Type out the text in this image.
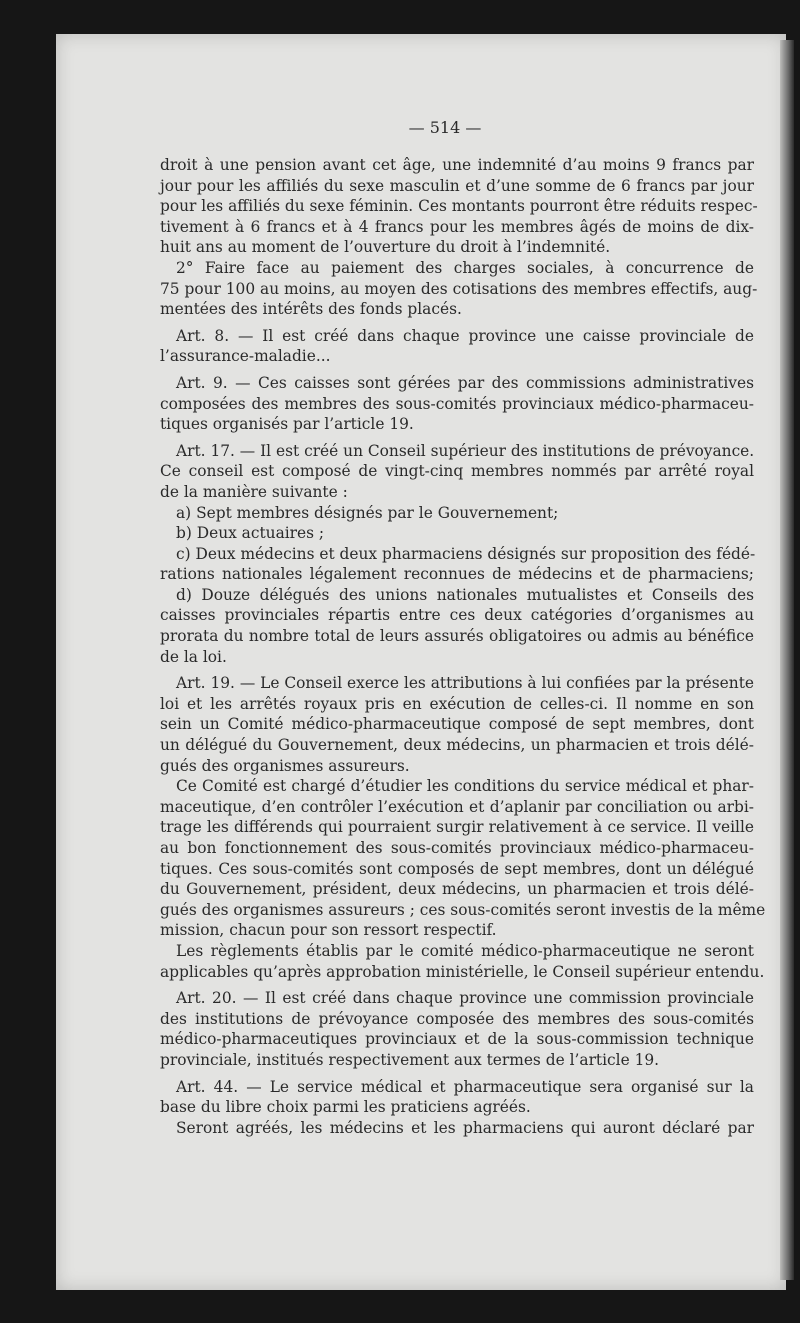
— 514 —
droit à une pension avant cet âge, une indemnité d’au moins 9 francs par
jour pour les affiliés du sexe masculin et d’une somme de 6 francs par jour
pour les affiliés du sexe féminin. Ces montants pourront être réduits respec-
tivement à 6 francs et à 4 francs pour les membres âgés de moins de dix-
huit ans au moment de l’ouverture du droit à l’indemnité.
2° Faire face au paiement des charges sociales, à concurrence de
75 pour 100 au moins, au moyen des cotisations des membres effectifs, aug-
mentées des intérêts des fonds placés.
Art. 8. — Il est créé dans chaque province une caisse provinciale de
l’assurance-maladie...
Art. 9. — Ces caisses sont gérées par des commissions administratives
composées des membres des sous-comités provinciaux médico-pharmaceu-
tiques organisés par l’article 19.
Art. 17. — Il est créé un Conseil supérieur des institutions de prévoyance.
Ce conseil est composé de vingt-cinq membres nommés par arrêté royal
de la manière suivante :
a) Sept membres désignés par le Gouvernement;
b) Deux actuaires ;
c) Deux médecins et deux pharmaciens désignés sur proposition des fédé-
rations nationales légalement reconnues de médecins et de pharmaciens;
d) Douze délégués des unions nationales mutualistes et Conseils des
caisses provinciales répartis entre ces deux catégories d’organismes au
prorata du nombre total de leurs assurés obligatoires ou admis au bénéfice
de la loi.
Art. 19. — Le Conseil exerce les attributions à lui confiées par la présente
loi et les arrêtés royaux pris en exécution de celles-ci. Il nomme en son
sein un Comité médico-pharmaceutique composé de sept membres, dont
un délégué du Gouvernement, deux médecins, un pharmacien et trois délé-
gués des organismes assureurs.
Ce Comité est chargé d’étudier les conditions du service médical et phar-
maceutique, d’en contrôler l’exécution et d’aplanir par conciliation ou arbi-
trage les différends qui pourraient surgir relativement à ce service. Il veille
au bon fonctionnement des sous-comités provinciaux médico-pharmaceu-
tiques. Ces sous-comités sont composés de sept membres, dont un délégué
du Gouvernement, président, deux médecins, un pharmacien et trois délé-
gués des organismes assureurs ; ces sous-comités seront investis de la même
mission, chacun pour son ressort respectif.
Les règlements établis par le comité médico-pharmaceutique ne seront
applicables qu’après approbation ministérielle, le Conseil supérieur entendu.
Art. 20. — Il est créé dans chaque province une commission provinciale
des institutions de prévoyance composée des membres des sous-comités
médico-pharmaceutiques provinciaux et de la sous-commission technique
provinciale, institués respectivement aux termes de l’article 19.
Art. 44. — Le service médical et pharmaceutique sera organisé sur la
base du libre choix parmi les praticiens agréés.
Seront agréés, les médecins et les pharmaciens qui auront déclaré par
